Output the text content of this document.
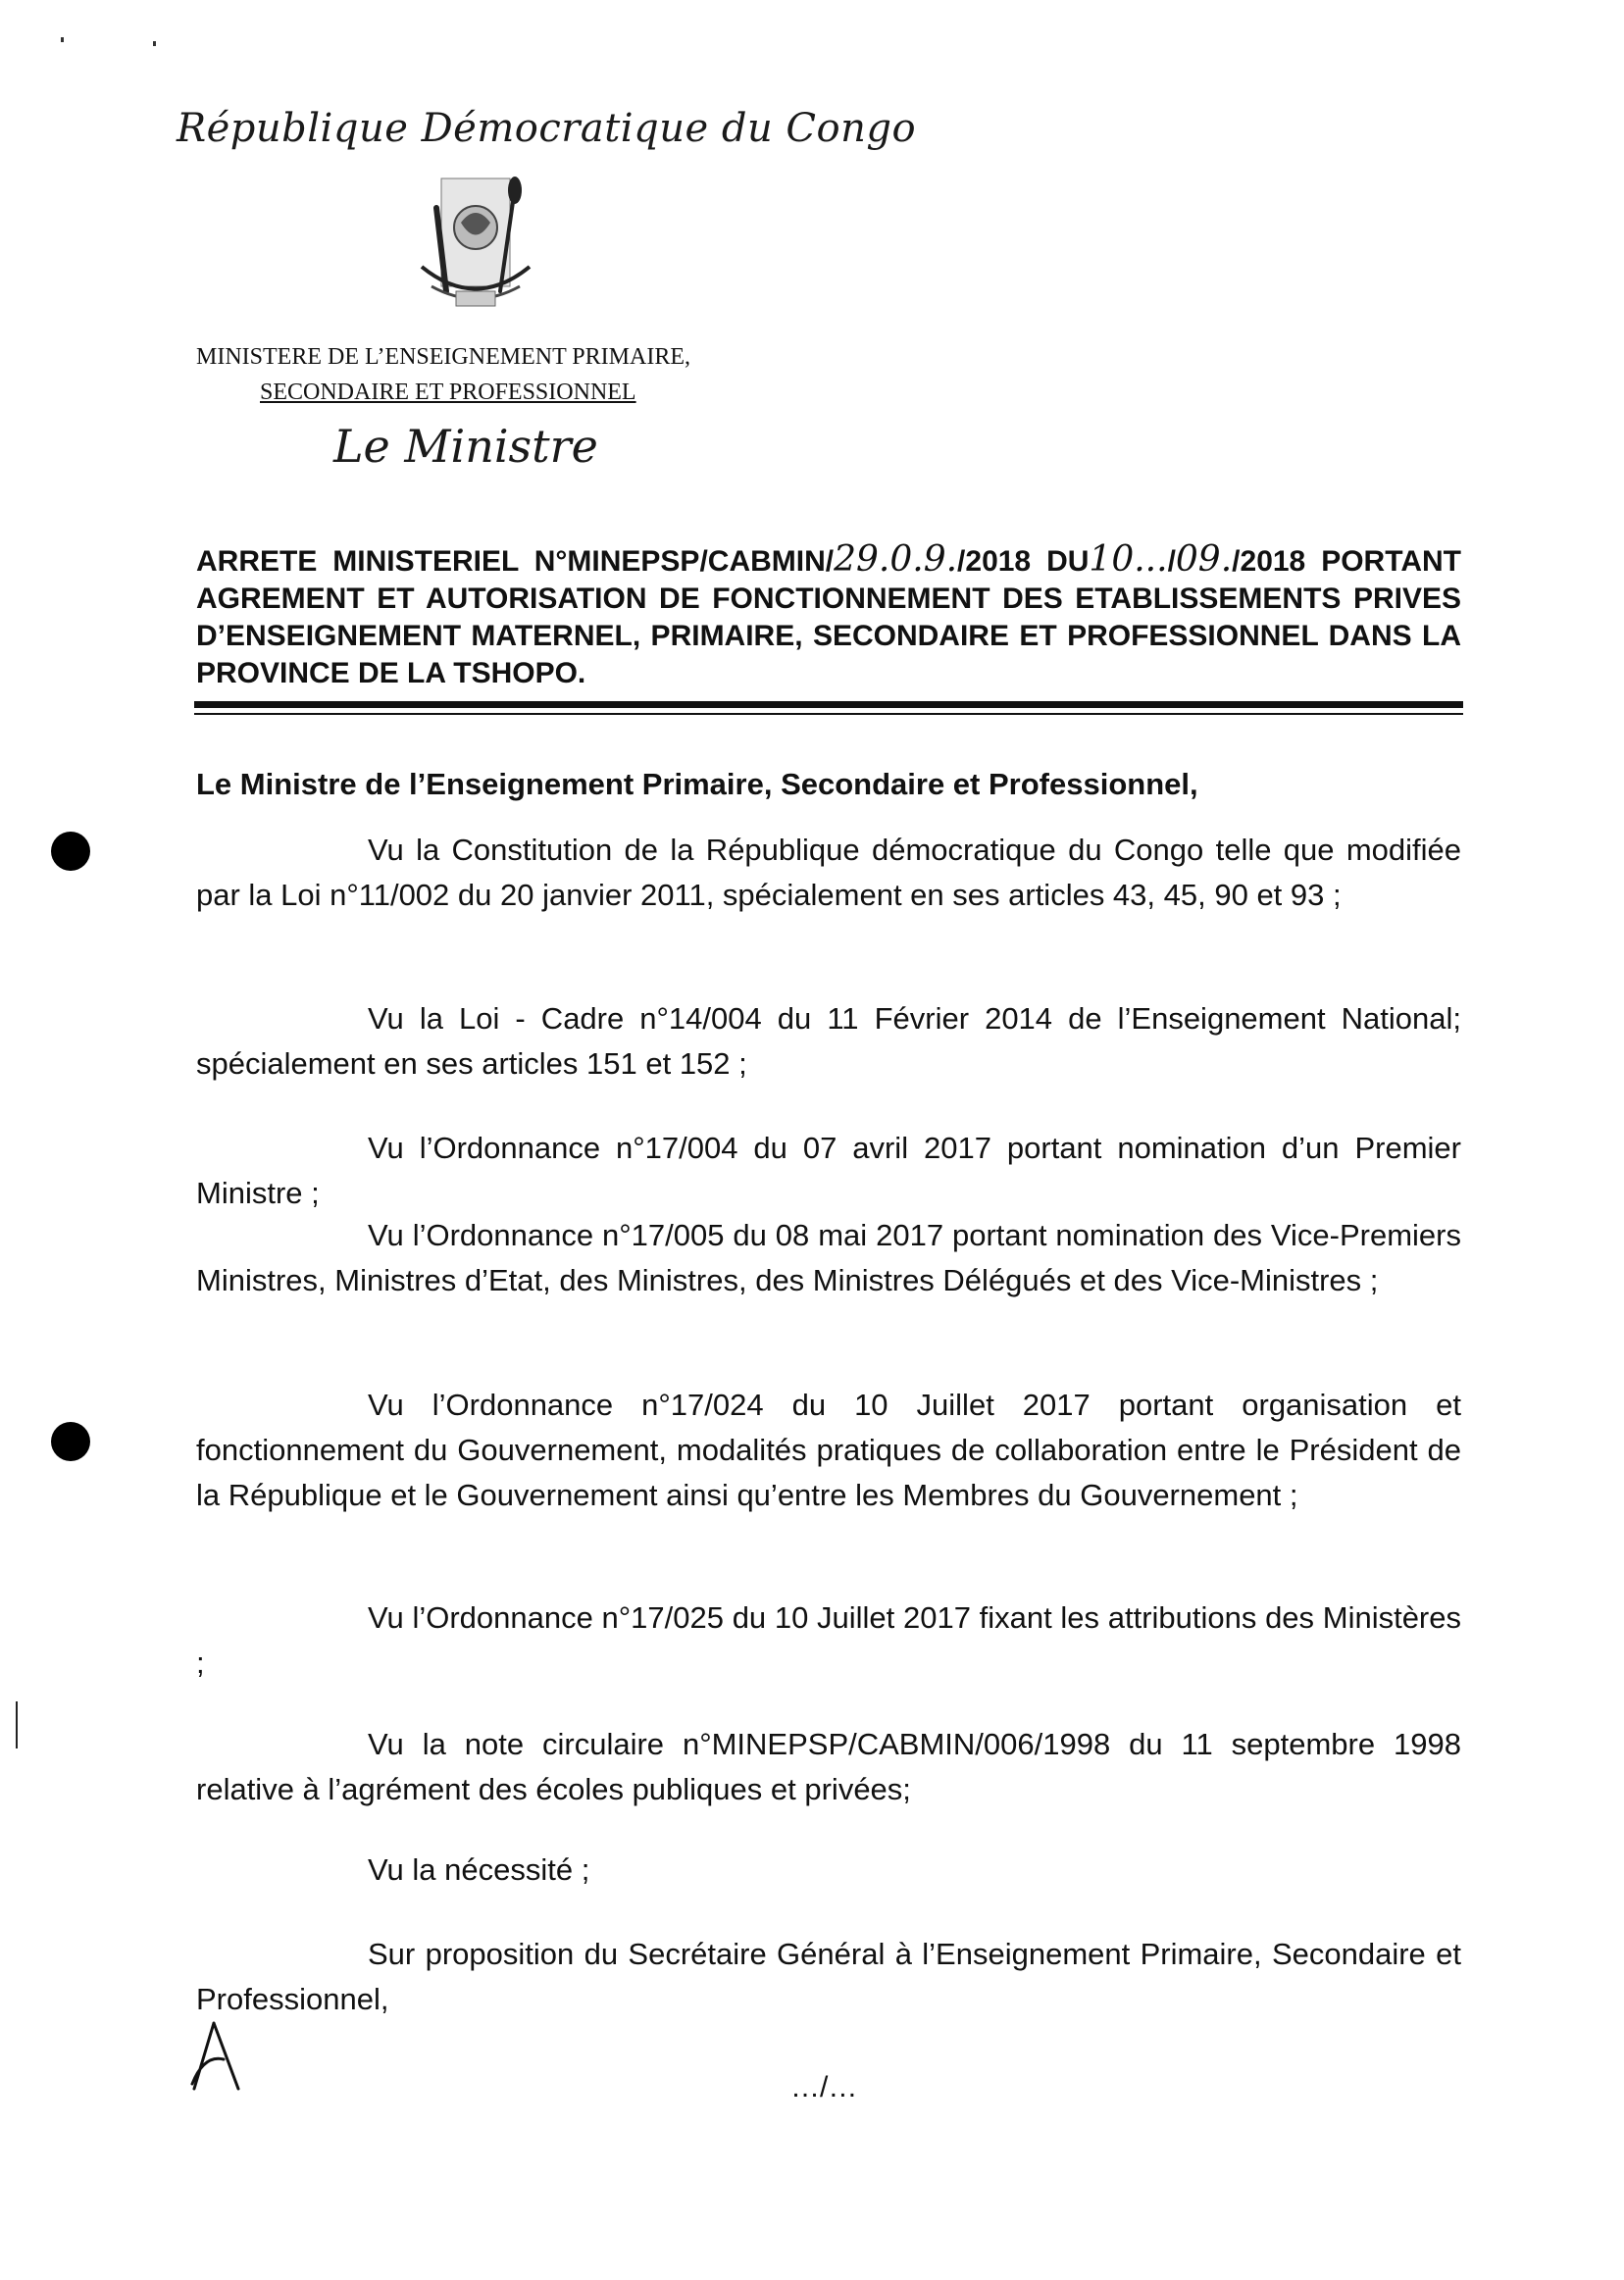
République Démocratique du Congo
MINISTERE DE L’ENSEIGNEMENT PRIMAIRE,
SECONDAIRE ET PROFESSIONNEL
Le Ministre
ARRETE MINISTERIEL N°MINEPSP/CABMIN/29.0.9./2018 DU10.../09./2018 PORTANT AGREMENT ET AUTORISATION DE FONCTIONNEMENT DES ETABLISSEMENTS PRIVES D’ENSEIGNEMENT MATERNEL, PRIMAIRE, SECONDAIRE ET PROFESSIONNEL DANS LA PROVINCE DE LA TSHOPO.
Le Ministre de l’Enseignement Primaire, Secondaire et Professionnel,
Vu la Constitution de la République démocratique du Congo telle que modifiée par la Loi n°11/002 du 20 janvier 2011, spécialement en ses articles 43, 45, 90 et 93 ;
Vu la Loi - Cadre n°14/004 du 11 Février 2014 de l’Enseignement National; spécialement en ses articles 151 et 152 ;
Vu l’Ordonnance n°17/004 du 07 avril 2017 portant nomination d’un Premier Ministre ;
Vu l’Ordonnance n°17/005 du 08 mai 2017 portant nomination des Vice-Premiers Ministres, Ministres d’Etat, des Ministres, des Ministres Délégués et des Vice-Ministres ;
Vu l’Ordonnance n°17/024 du 10 Juillet 2017 portant organisation et fonctionnement du Gouvernement, modalités pratiques de collaboration entre le Président de la République et le Gouvernement ainsi qu’entre les Membres du Gouvernement ;
Vu l’Ordonnance n°17/025 du 10 Juillet 2017 fixant les attributions des Ministères ;
Vu la note circulaire n°MINEPSP/CABMIN/006/1998 du 11 septembre 1998 relative à l’agrément des écoles publiques et privées;
Vu la nécessité ;
Sur proposition du Secrétaire Général à l’Enseignement Primaire, Secondaire et Professionnel,
…/…
